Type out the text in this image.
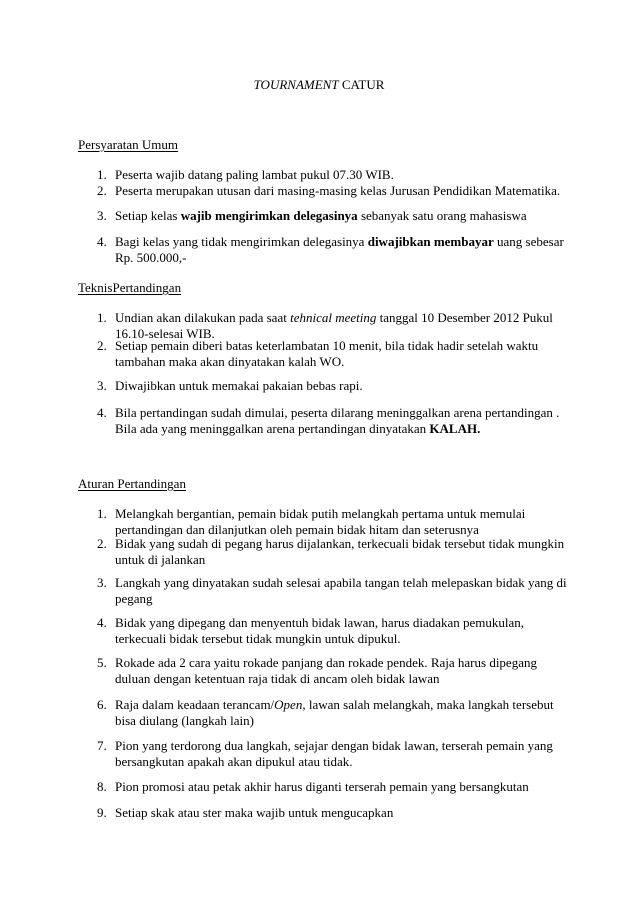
TOURNAMENT CATUR
Persyaratan Umum
1. Peserta wajib datang paling lambat pukul 07.30 WIB.
2. Peserta merupakan utusan dari masing-masing kelas Jurusan Pendidikan Matematika.
3. Setiap kelas wajib mengirimkan delegasinya sebanyak satu orang mahasiswa
4. Bagi kelas yang tidak mengirimkan delegasinya diwajibkan membayar uang sebesar Rp. 500.000,-
TeknisPertandingan
1. Undian akan dilakukan pada saat tehnical meeting tanggal 10 Desember 2012 Pukul 16.10-selesai WIB.
2. Setiap pemain diberi batas keterlambatan 10 menit, bila tidak hadir setelah waktu tambahan maka akan dinyatakan kalah WO.
3. Diwajibkan untuk memakai pakaian bebas rapi.
4. Bila pertandingan sudah dimulai, peserta dilarang meninggalkan arena pertandingan . Bila ada yang meninggalkan arena pertandingan dinyatakan KALAH.
Aturan Pertandingan
1. Melangkah bergantian, pemain bidak putih melangkah pertama untuk memulai pertandingan dan dilanjutkan oleh pemain bidak hitam dan seterusnya
2. Bidak yang sudah di pegang harus dijalankan, terkecuali bidak tersebut tidak mungkin untuk di jalankan
3. Langkah yang dinyatakan sudah selesai apabila tangan telah melepaskan bidak yang di pegang
4. Bidak yang dipegang dan menyentuh bidak lawan, harus diadakan pemukulan, terkecuali bidak tersebut tidak mungkin untuk dipukul.
5. Rokade ada 2 cara yaitu rokade panjang dan rokade pendek. Raja harus dipegang duluan dengan ketentuan raja tidak di ancam oleh bidak lawan
6. Raja dalam keadaan terancam/Open, lawan salah melangkah, maka langkah tersebut bisa diulang (langkah lain)
7. Pion yang terdorong dua langkah, sejajar dengan bidak lawan, terserah pemain yang bersangkutan apakah akan dipukul atau tidak.
8. Pion promosi atau petak akhir harus diganti terserah pemain yang bersangkutan
9. Setiap skak atau ster maka wajib untuk mengucapkan
